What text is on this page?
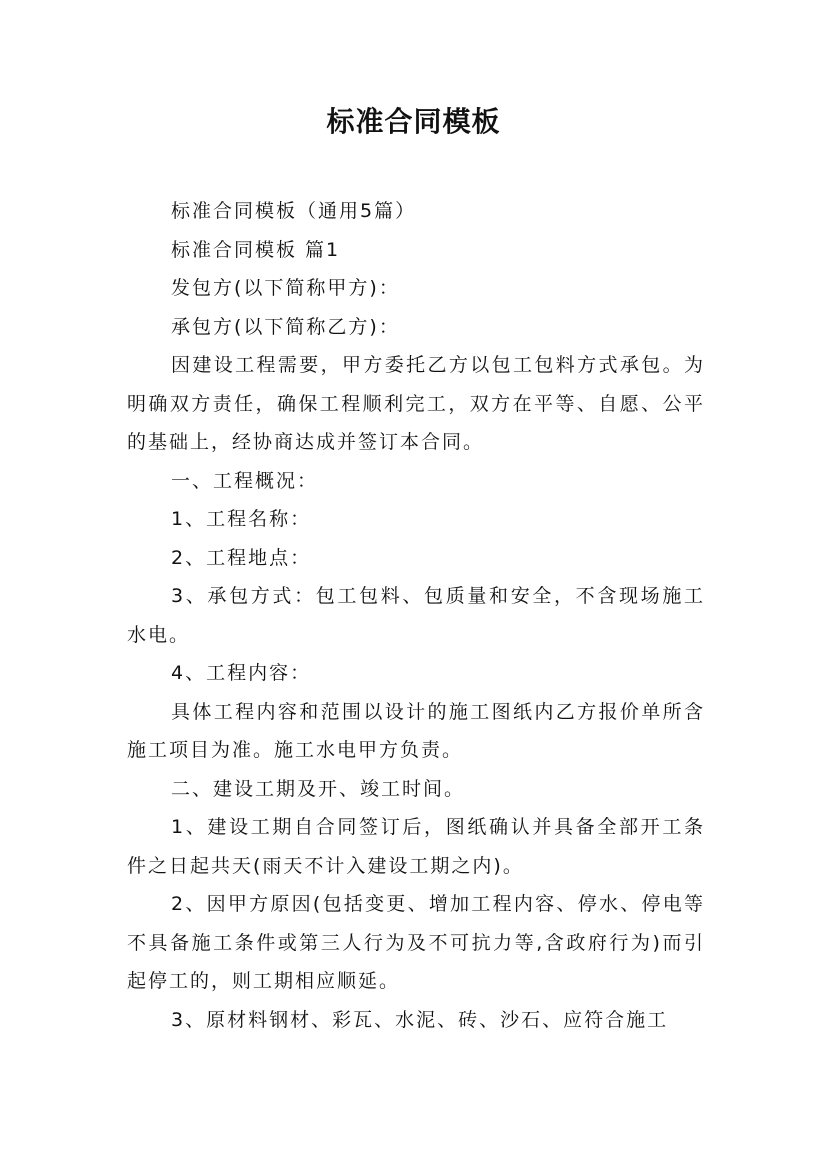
标准合同模板

标准合同模板（通用5篇）

标准合同模板 篇1

发包方(以下简称甲方)：

承包方(以下简称乙方)：

因建设工程需要，甲方委托乙方以包工包料方式承包。为明确双方责任，确保工程顺利完工，双方在平等、自愿、公平的基础上，经协商达成并签订本合同。

一、工程概况：

1、工程名称：

2、工程地点：

3、承包方式：包工包料、包质量和安全，不含现场施工水电。

4、工程内容：

具体工程内容和范围以设计的施工图纸内乙方报价单所含施工项目为准。施工水电甲方负责。

二、建设工期及开、竣工时间。

1、建设工期自合同签订后，图纸确认并具备全部开工条件之日起共天(雨天不计入建设工期之内)。

2、因甲方原因(包括变更、增加工程内容、停水、停电等不具备施工条件或第三人行为及不可抗力等,含政府行为)而引起停工的，则工期相应顺延。

3、原材料钢材、彩瓦、水泥、砖、沙石、应符合施工
